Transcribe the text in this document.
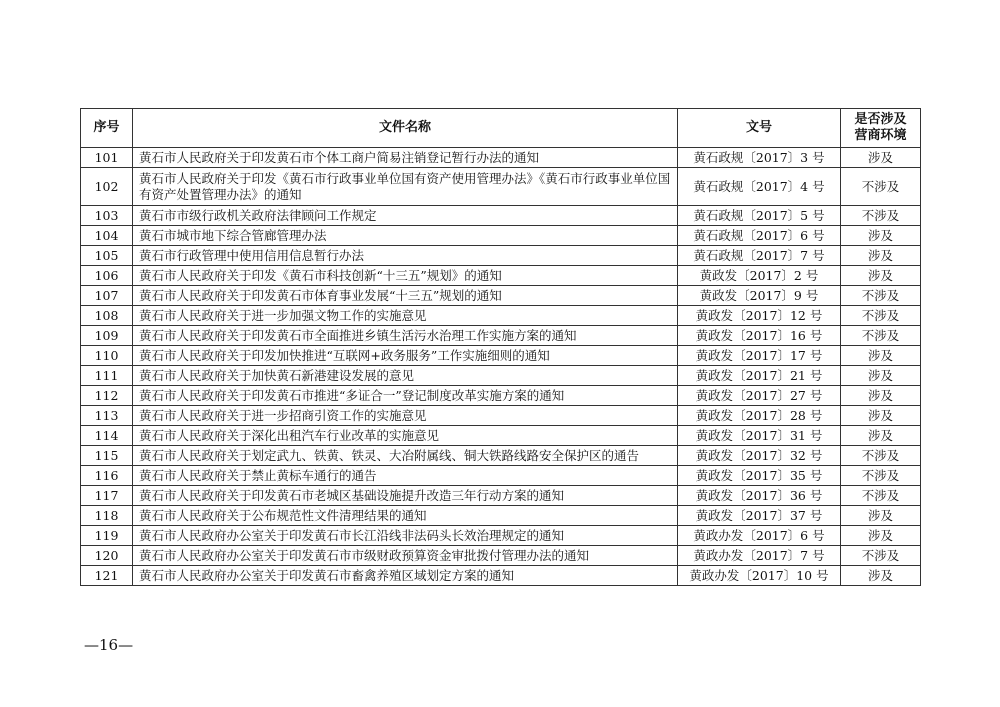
序号	文件名称	文号	是否涉及
营商环境

101	黄石市人民政府关于印发黄石市个体工商户简易注销登记暂行办法的通知	黄石政规〔2017〕3 号	涉及
102	黄石市人民政府关于印发《黄石市行政事业单位国有资产使用管理办法》《黄石市行政事业单位国有资产处置管理办法》的通知	黄石政规〔2017〕4 号	不涉及
103	黄石市市级行政机关政府法律顾问工作规定	黄石政规〔2017〕5 号	不涉及
104	黄石市城市地下综合管廊管理办法	黄石政规〔2017〕6 号	涉及
105	黄石市行政管理中使用信用信息暂行办法	黄石政规〔2017〕7 号	涉及
106	黄石市人民政府关于印发《黄石市科技创新“十三五”规划》的通知	黄政发〔2017〕2 号	涉及
107	黄石市人民政府关于印发黄石市体育事业发展“十三五”规划的通知	黄政发〔2017〕9 号	不涉及
108	黄石市人民政府关于进一步加强文物工作的实施意见	黄政发〔2017〕12 号	不涉及
109	黄石市人民政府关于印发黄石市全面推进乡镇生活污水治理工作实施方案的通知	黄政发〔2017〕16 号	不涉及
110	黄石市人民政府关于印发加快推进“互联网+政务服务”工作实施细则的通知	黄政发〔2017〕17 号	涉及
111	黄石市人民政府关于加快黄石新港建设发展的意见	黄政发〔2017〕21 号	涉及
112	黄石市人民政府关于印发黄石市推进“多证合一”登记制度改革实施方案的通知	黄政发〔2017〕27 号	涉及
113	黄石市人民政府关于进一步招商引资工作的实施意见	黄政发〔2017〕28 号	涉及
114	黄石市人民政府关于深化出租汽车行业改革的实施意见	黄政发〔2017〕31 号	涉及
115	黄石市人民政府关于划定武九、铁黄、铁灵、大冶附属线、铜大铁路线路安全保护区的通告	黄政发〔2017〕32 号	不涉及
116	黄石市人民政府关于禁止黄标车通行的通告	黄政发〔2017〕35 号	不涉及
117	黄石市人民政府关于印发黄石市老城区基础设施提升改造三年行动方案的通知	黄政发〔2017〕36 号	不涉及
118	黄石市人民政府关于公布规范性文件清理结果的通知	黄政发〔2017〕37 号	涉及
119	黄石市人民政府办公室关于印发黄石市长江沿线非法码头长效治理规定的通知	黄政办发〔2017〕6 号	涉及
120	黄石市人民政府办公室关于印发黄石市市级财政预算资金审批拨付管理办法的通知	黄政办发〔2017〕7 号	不涉及
121	黄石市人民政府办公室关于印发黄石市畜禽养殖区域划定方案的通知	黄政办发〔2017〕10 号	涉及
—16—
